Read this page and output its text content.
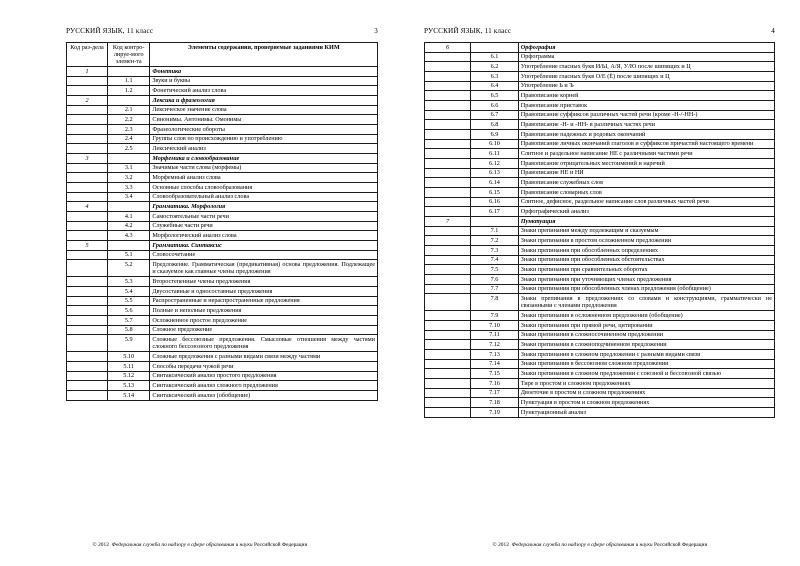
РУССКИЙ ЯЗЫК, 11 класс	3
Код раз-дела	Код контро-лируе-мого элемен-та	Элементы содержания, проверяемые заданиями КИМ
1		Фонетика
	1.1	Звуки и буквы
	1.2	Фонетический анализ слова
2		Лексика и фразеология
	2.1	Лексическое значение слова
	2.2	Синонимы. Антонимы. Омонимы
	2.3	Фразеологические обороты
	2.4	Группы слов по происхождению и употреблению
	2.5	Лексический анализ
3		Морфемика и словообразование
	3.1	Значимые части слова (морфемы)
	3.2	Морфемный анализ слова
	3.3	Основные способы словообразования
	3.4	Словообразовательный анализ слова
4		Грамматика. Морфология
	4.1	Самостоятельные части речи
	4.2	Служебные части речи
	4.3	Морфологический анализ слова
5		Грамматика. Синтаксис
	5.1	Словосочетание
	5.2	Предложение. Грамматическая (предикативная) основа предложения. Подлежащее и сказуемое как главные члены предложения
	5.3	Второстепенные члены предложения
	5.4	Двусоставные и односоставные предложения
	5.5	Распространенные и нераспространенные предложения
	5.6	Полные и неполные предложения
	5.7	Осложненное простое предложение
	5.8	Сложное предложение
	5.9	Сложные бессоюзные предложения. Смысловые отношения между частями сложного бессоюзного предложения
	5.10	Сложные предложения с разными видами связи между частями
	5.11	Способы передачи чужой речи
	5.12	Синтаксический анализ простого предложения
	5.13	Синтаксический анализ сложного предложения
	5.14	Синтаксический анализ (обобщение)
© 2012 Федеральная служба по надзору в сфере образования и науки Российской Федерации
РУССКИЙ ЯЗЫК, 11 класс	4
6		Орфография
	6.1	Орфограмма
	6.2	Употребление гласных букв И/Ы, А/Я, У/Ю после шипящих и Ц
	6.3	Употребление гласных букв О/Е (Ё) после шипящих и Ц
	6.4	Употребление Ь и Ъ
	6.5	Правописание корней
	6.6	Правописание приставок
	6.7	Правописание суффиксов различных частей речи (кроме -Н-/-НН-)
	6.8	Правописание -Н- и -НН- в различных частях речи
	6.9	Правописание падежных и родовых окончаний
	6.10	Правописание личных окончаний глаголов и суффиксов причастий настоящего времени
	6.11	Слитное и раздельное написание НЕ с различными частями речи
	6.12	Правописание отрицательных местоимений и наречий
	6.13	Правописание НЕ и НИ
	6.14	Правописание служебных слов
	6.15	Правописание словарных слов
	6.16	Слитное, дефисное, раздельное написание слов различных частей речи
	6.17	Орфографический анализ
7		Пунктуация
	7.1	Знаки препинания между подлежащим и сказуемым
	7.2	Знаки препинания в простом осложненном предложении
	7.3	Знаки препинания при обособленных определениях
	7.4	Знаки препинания при обособленных обстоятельствах
	7.5	Знаки препинания при сравнительных оборотах
	7.6	Знаки препинания при уточняющих членах предложения
	7.7	Знаки препинания при обособленных членах предложения (обобщение)
	7.8	Знаки препинания в предложениях со словами и конструкциями, грамматически не связанными с членами предложения
	7.9	Знаки препинания в осложненном предложении (обобщение)
	7.10	Знаки препинания при прямой речи, цитировании
	7.11	Знаки препинания в сложносочиненном предложении
	7.12	Знаки препинания в сложноподчиненном предложении
	7.13	Знаки препинания в сложном предложении с разными видами связи
	7.14	Знаки препинания в бессоюзном сложном предложении
	7.15	Знаки препинания в сложном предложении с союзной и бессоюзной связью
	7.16	Тире в простом и сложном предложениях
	7.17	Двоеточие в простом и сложном предложениях
	7.18	Пунктуация в простом и сложном предложениях
	7.19	Пунктуационный анализ
© 2012 Федеральная служба по надзору в сфере образования и науки Российской Федерации
